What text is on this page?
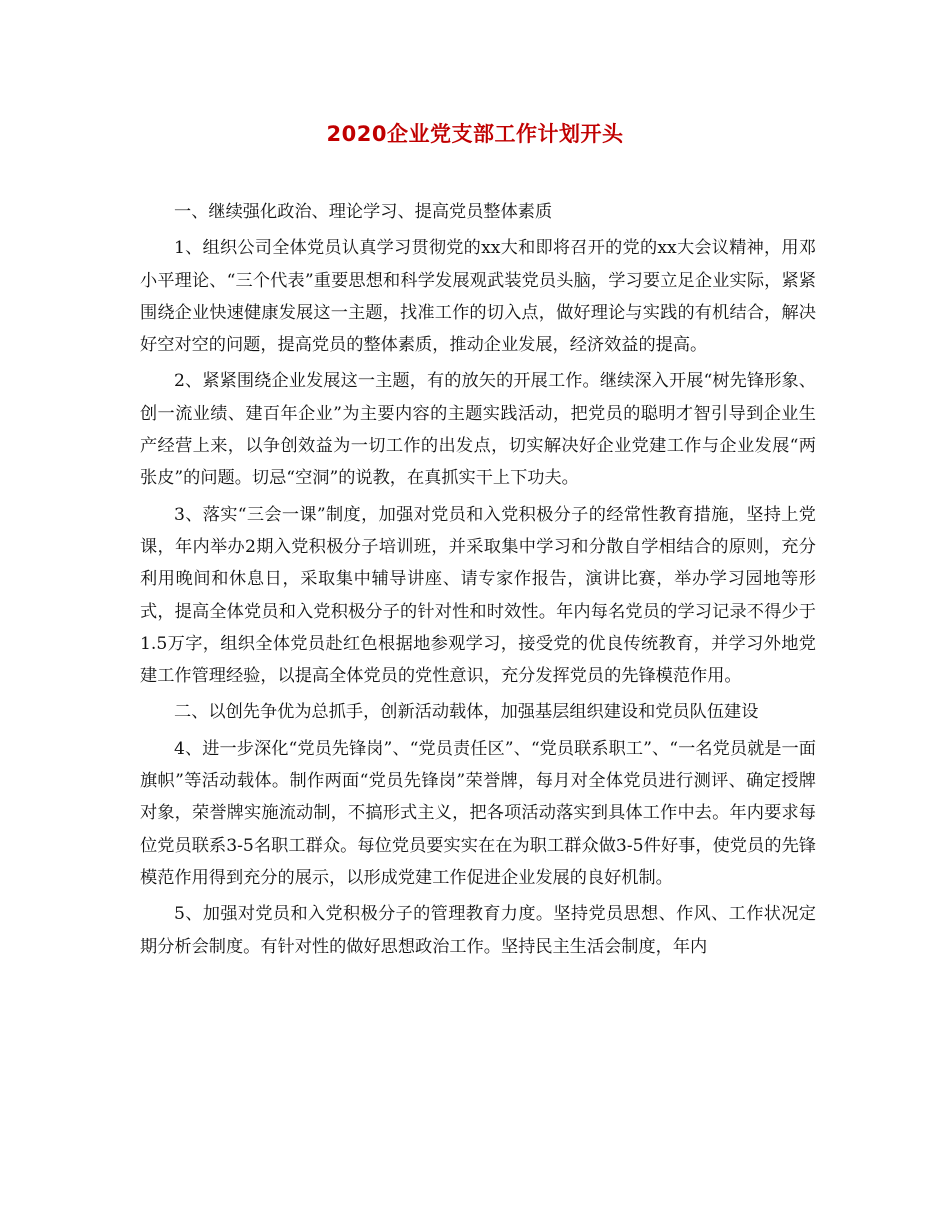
2020企业党支部工作计划开头

一、继续强化政治、理论学习、提高党员整体素质

1、组织公司全体党员认真学习贯彻党的xx大和即将召开的党的xx大会议精神，用邓小平理论、“三个代表”重要思想和科学发展观武装党员头脑，学习要立足企业实际，紧紧围绕企业快速健康发展这一主题，找准工作的切入点，做好理论与实践的有机结合，解决好空对空的问题，提高党员的整体素质，推动企业发展，经济效益的提高。

2、紧紧围绕企业发展这一主题，有的放矢的开展工作。继续深入开展“树先锋形象、创一流业绩、建百年企业”为主要内容的主题实践活动，把党员的聪明才智引导到企业生产经营上来，以争创效益为一切工作的出发点，切实解决好企业党建工作与企业发展“两张皮”的问题。切忌“空洞”的说教，在真抓实干上下功夫。

3、落实“三会一课”制度，加强对党员和入党积极分子的经常性教育措施，坚持上党课，年内举办2期入党积极分子培训班，并采取集中学习和分散自学相结合的原则，充分利用晚间和休息日，采取集中辅导讲座、请专家作报告，演讲比赛，举办学习园地等形式，提高全体党员和入党积极分子的针对性和时效性。年内每名党员的学习记录不得少于1.5万字，组织全体党员赴红色根据地参观学习，接受党的优良传统教育，并学习外地党建工作管理经验，以提高全体党员的党性意识，充分发挥党员的先锋模范作用。

二、以创先争优为总抓手，创新活动载体，加强基层组织建设和党员队伍建设

4、进一步深化“党员先锋岗”、“党员责任区”、“党员联系职工”、“一名党员就是一面旗帜”等活动载体。制作两面“党员先锋岗”荣誉牌，每月对全体党员进行测评、确定授牌对象，荣誉牌实施流动制，不搞形式主义，把各项活动落实到具体工作中去。年内要求每位党员联系3-5名职工群众。每位党员要实实在在为职工群众做3-5件好事，使党员的先锋模范作用得到充分的展示，以形成党建工作促进企业发展的良好机制。

5、加强对党员和入党积极分子的管理教育力度。坚持党员思想、作风、工作状况定期分析会制度。有针对性的做好思想政治工作。坚持民主生活会制度，年内
